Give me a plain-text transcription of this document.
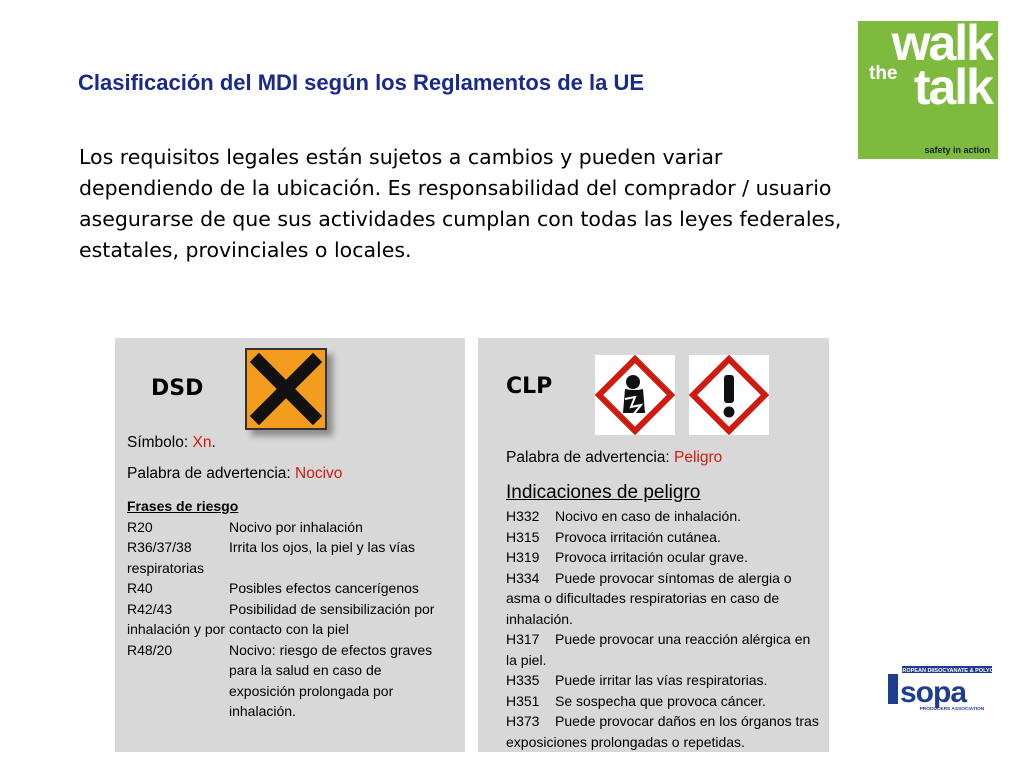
Clasificación del MDI según los Reglamentos de la UE

Los requisitos legales están sujetos a cambios y pueden variar dependiendo de la ubicación. Es responsabilidad del comprador / usuario asegurarse de que sus actividades cumplan con todas las leyes federales, estatales, provinciales o locales.

walk
the talk
safety in action
DSD
Símbolo: Xn.
Palabra de advertencia: Nocivo
Frases de riesgo
R20	Nocivo por inhalación
R36/37/38	Irrita los ojos, la piel y las vías
respiratorias
R40	Posibles efectos cancerígenos
R42/43	Posibilidad de sensibilización por
inhalación y por contacto con la piel
R48/20	Nocivo: riesgo de efectos graves
para la salud en caso de
exposición prolongada por
inhalación.
CLP
Palabra de advertencia: Peligro
Indicaciones de peligro
H332	Nocivo en caso de inhalación.
H315	Provoca irritación cutánea.
H319	Provoca irritación ocular grave.
H334	Puede provocar síntomas de alergia o
asma o dificultades respiratorias en caso de
inhalación.
H317	Puede provocar una reacción alérgica en
la piel.
H335	Puede irritar las vías respiratorias.
H351	Se sospecha que provoca cáncer.
H373	Puede provocar daños en los órganos tras
exposiciones prolongadas o repetidas.
EUROPEAN DIISOCYANATE & POLYOL
sopa
PRODUCERS ASSOCIATION
